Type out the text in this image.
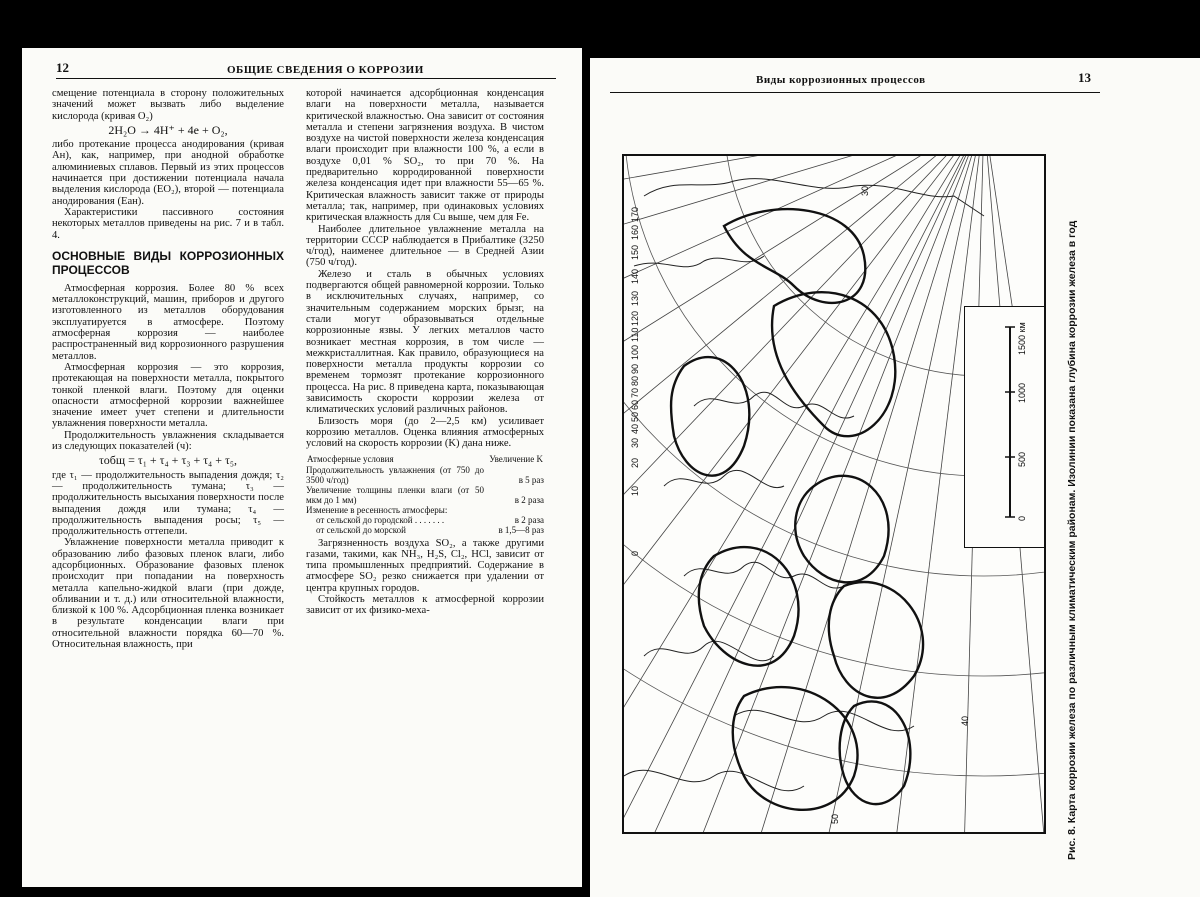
12	ОБЩИЕ СВЕДЕНИЯ О КОРРОЗИИ

смещение потенциала в сторону положительных значений может вызвать либо выделение кислорода (кривая O₂)

2H₂O → 4H⁺ + 4e + O₂,

либо протекание процесса анодирования (кривая Aн), как, например, при анодной обработке алюминиевых сплавов. Первый из этих процессов начинается при достижении потенциала начала выделения кислорода (EO₂), второй — потенциала анодирования (Eан).

Характеристики пассивного состояния некоторых металлов приведены на рис. 7 и в табл. 4.

ОСНОВНЫЕ ВИДЫ КОРРОЗИОННЫХ ПРОЦЕССОВ

Атмосферная коррозия. Более 80 % всех металлоконструкций, машин, приборов и другого изготовленного из металлов оборудования эксплуатируется в атмосфере. Поэтому атмосферная коррозия — наиболее распространенный вид коррозионного разрушения металлов.

Атмосферная коррозия — это коррозия, протекающая на поверхности металла, покрытого тонкой пленкой влаги. Поэтому для оценки опасности атмосферной коррозии важнейшее значение имеет учет степени и длительности увлажнения поверхности металла.

Продолжительность увлажнения складывается из следующих показателей (ч):

τобщ = τ₁ + τ₄ + τ₃ + τ₄ + τ₅,

где τ₁ — продолжительность выпадения дождя; τ₂ — продолжительность тумана; τ₃ — продолжительность высыхания поверхности после выпадения дождя или тумана; τ₄ — продолжительность выпадения росы; τ₅ — продолжительность оттепели.

Увлажнение поверхности металла приводит к образованию либо фазовых пленок влаги, либо адсорбционных. Образование фазовых пленок происходит при попадании на поверхность металла капельно-жидкой влаги (при дожде, обливании и т. д.) или относительной влажности, близкой к 100 %. Адсорбционная пленка возникает в результате конденсации влаги при относительной влажности порядка 60—70 %. Относительная влажность, при

которой начинается адсорбционная конденсация влаги на поверхности металла, называется критической влажностью. Она зависит от состояния металла и степени загрязнения воздуха. В чистом воздухе на чистой поверхности железа конденсация влаги происходит при влажности 100 %, а если в воздухе 0,01 % SO₂, то при 70 %. На предварительно корродированной поверхности железа конденсация идет при влажности 55—65 %. Критическая влажность зависит также от природы металла; так, например, при одинаковых условиях критическая влажность для Cu выше, чем для Fe.

Наиболее длительное увлажнение металла на территории СССР наблюдается в Прибалтике (3250 ч/год), наименее длительное — в Средней Азии (750 ч/год).

Железо и сталь в обычных условиях подвергаются общей равномерной коррозии. Только в исключительных случаях, например, со значительным содержанием морских брызг, на стали могут образовываться отдельные коррозионные язвы. У легких металлов часто возникает местная коррозия, в том числе — межкристаллитная. Как правило, образующиеся на поверхности металла продукты коррозии со временем тормозят протекание коррозионного процесса. На рис. 8 приведена карта, показывающая зависимость скорости коррозии железа от климатических условий различных районов.

Близость моря (до 2—2,5 км) усиливает коррозию металлов. Оценка влияния атмосферных условий на скорость коррозии (K) дана ниже.

Атмосферные условия	Увеличение K
Продолжительность увлажнения (от 750 до 3500 ч/год)	в 5 раз
Увеличение толщины пленки влаги (от 50 мкм до 1 мм)	в 2 раза
Изменение в ресенность атмосферы:	
от сельской до городской . . . . . . .	в 2 раза
от сельской до морской	в 1,5—8 раз

Загрязненность воздуха SO₂, а также другими газами, такими, как NH₃, H₂S, Cl₂, HCl, зависит от типа промышленных предприятий. Содержание в атмосфере SO₂ резко снижается при удалении от центра крупных городов.

Стойкость металлов к атмосферной коррозии зависит от их физико-меха-

Виды коррозионных процессов	13
0
500
1000
1500 км
0
10
20
30
40
50
60
70
80
90
100
110
120
130
140
150
160
170
30
40
50	Рис. 8. Карта коррозии железа по различным климатическим районам. Изолинии показана глубина коррозии железа в год
